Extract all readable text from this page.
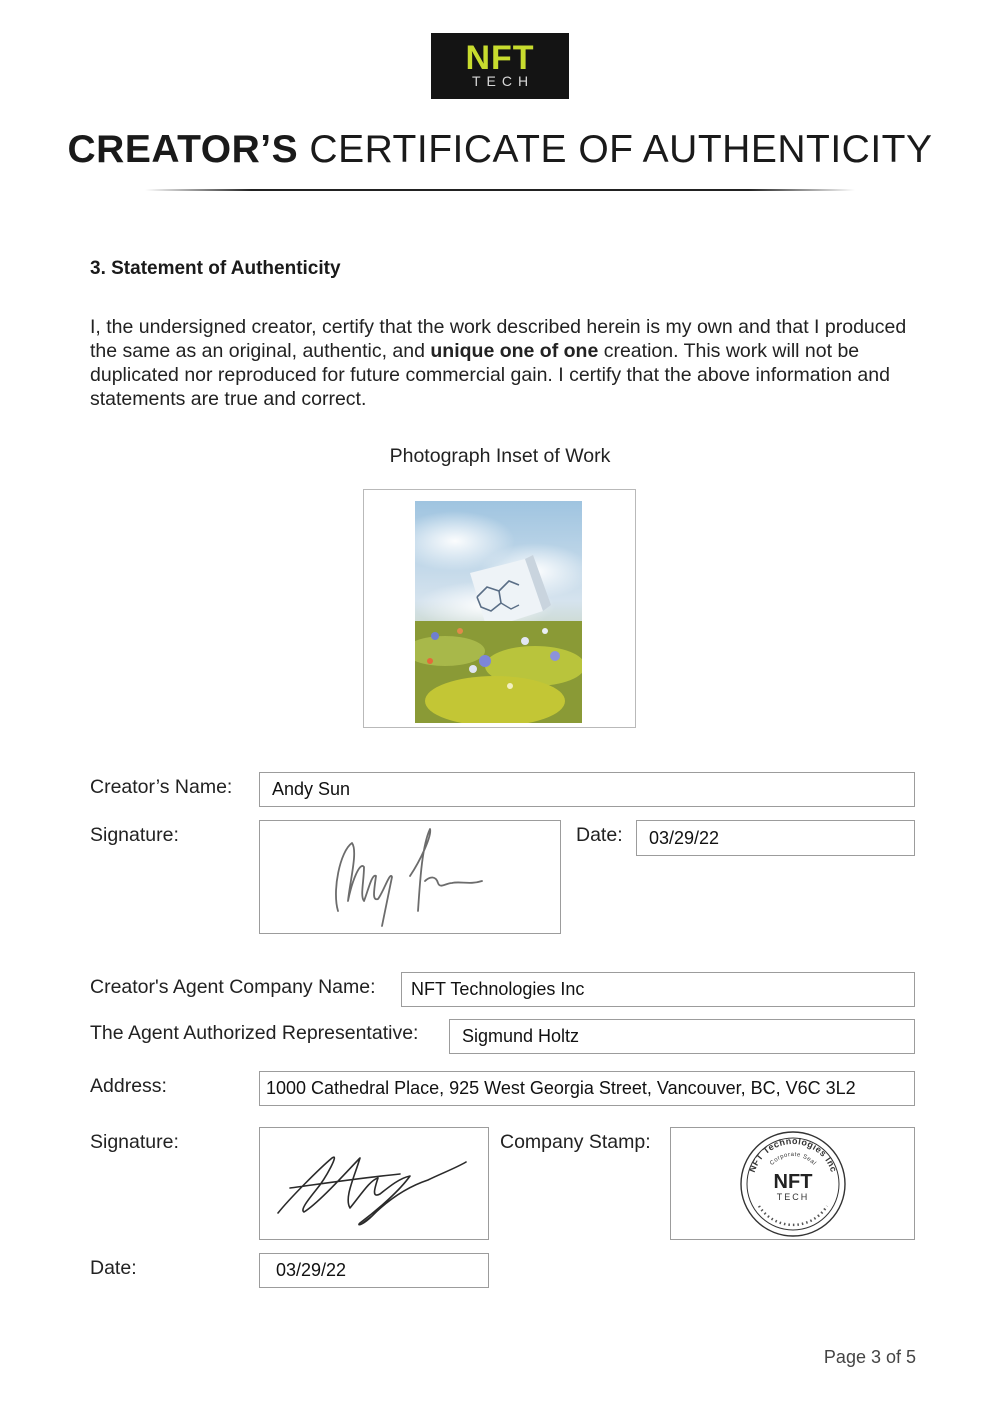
NFT
TECH
CREATOR’S CERTIFICATE OF AUTHENTICITY
3. Statement of Authenticity
I, the undersigned creator, certify that the work described herein is my own and that I produced the same as an original, authentic, and unique one of one creation. This work will not be duplicated nor reproduced for future commercial gain. I certify that the above information and statements are true and correct.
Photograph Inset of Work
Creator’s Name:	Andy Sun
Signature:	Date:	03/29/22
Creator's Agent Company Name:	NFT Technologies Inc
The Agent Authorized Representative:	Sigmund Holtz
Address:	1000 Cathedral Place, 925 West Georgia Street, Vancouver, BC, V6C 3L2
Signature:	Company Stamp:
NFT Technologies Inc
Corporate Seal
NFT
TECH
Date:	03/29/22
Page 3 of 5
